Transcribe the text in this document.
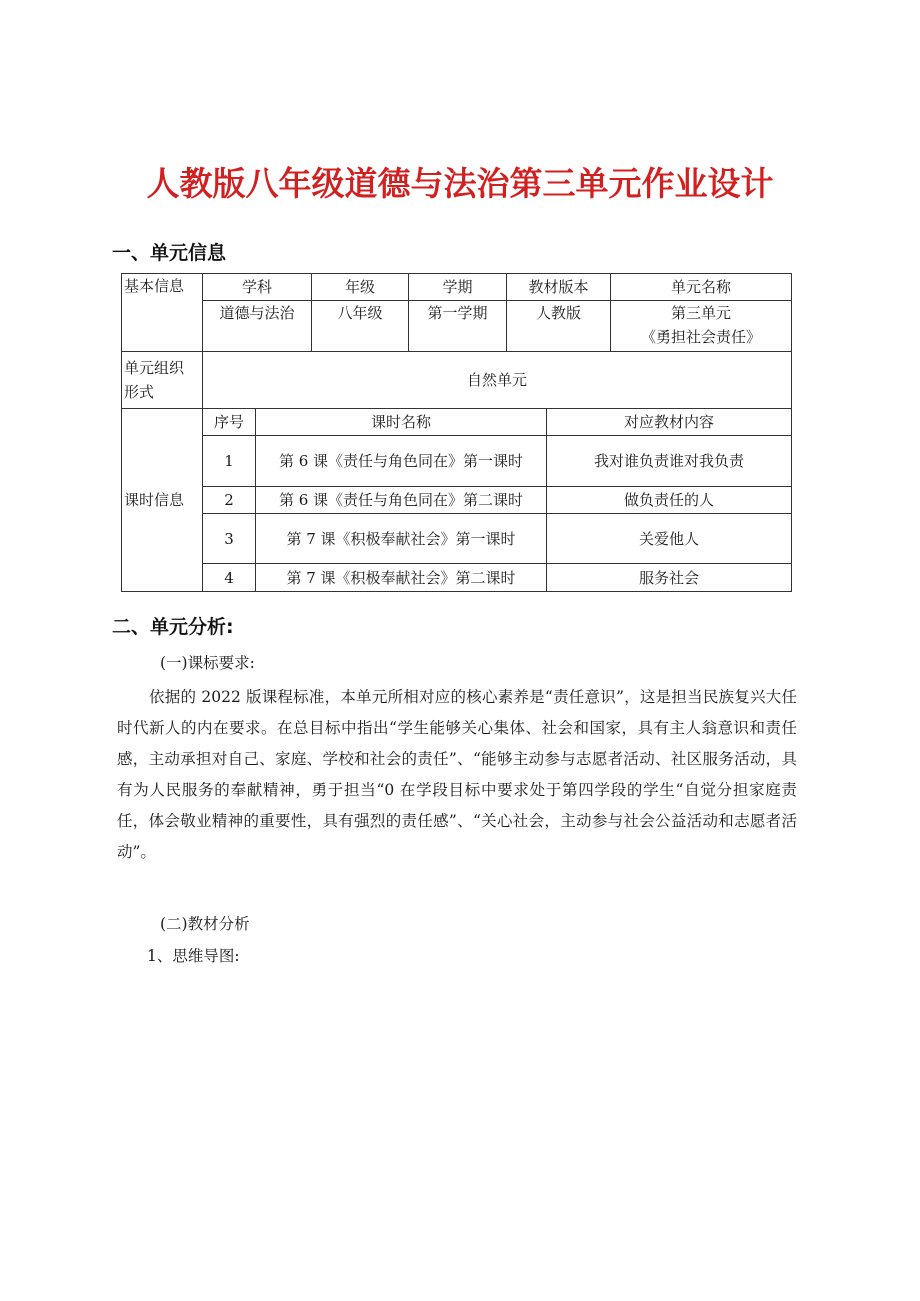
人教版八年级道德与法治第三单元作业设计
一、单元信息
基本信息	学科		年级	学期	教材版本		单元名称
	道德与法治		八年级	第一学期	人教版		第三单元
《勇担社会责任》

单元组织
形式	自然单元						
课时信息	序号	课时名称				对应教材内容	
	1	第 6 课《责任与角色同在》第一课时				我对谁负责谁对我负责	
	2	第 6 课《责任与角色同在》第二课时				做负责任的人	
	3	第 7 课《积极奉献社会》第一课时				关爱他人	
	4	第 7 课《积极奉献社会》第二课时				服务社会	
二、单元分析:

(一)课标要求:

依据的 2022 版课程标准，本单元所相对应的核心素养是“责任意识”，这是担当民族复兴大任时代新人的内在要求。在总目标中指出“学生能够关心集体、社会和国家，具有主人翁意识和责任感，主动承担对自己、家庭、学校和社会的责任”、“能够主动参与志愿者活动、社区服务活动，具有为人民服务的奉献精神，勇于担当“0 在学段目标中要求处于第四学段的学生“自觉分担家庭责任，体会敬业精神的重要性，具有强烈的责任感”、“关心社会，主动参与社会公益活动和志愿者活动”。

(二)教材分析

1、思维导图:
